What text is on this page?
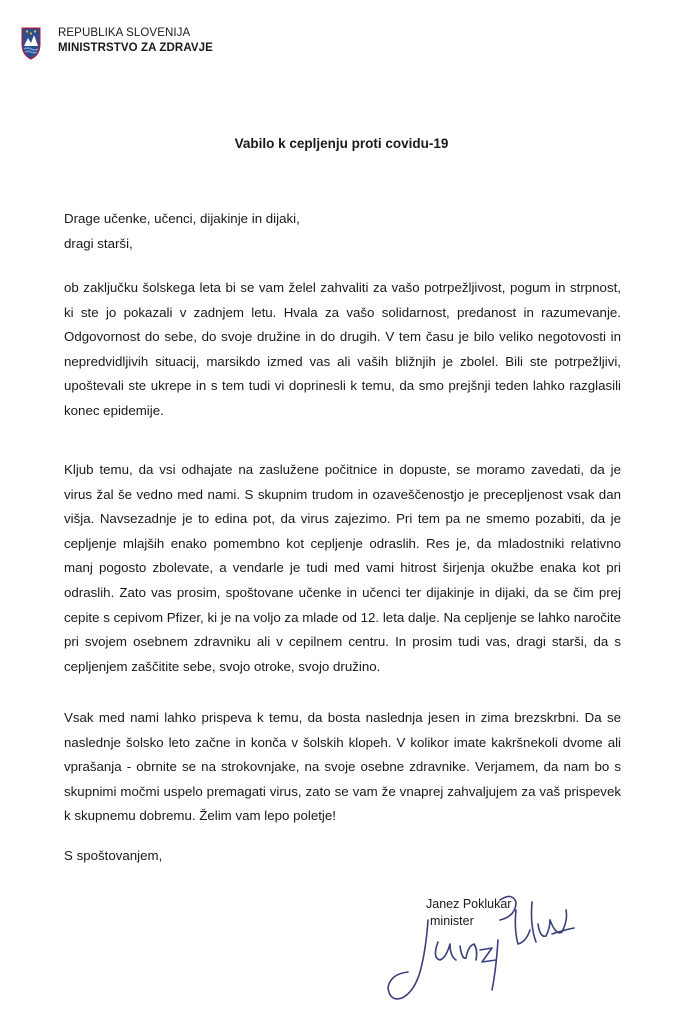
REPUBLIKA SLOVENIJA
MINISTRSTVO ZA ZDRAVJE
Vabilo k cepljenju proti covidu-19
Drage učenke, učenci, dijakinje in dijaki,
dragi starši,

ob zaključku šolskega leta bi se vam želel zahvaliti za vašo potrpežljivost, pogum in strpnost, ki ste jo pokazali v zadnjem letu. Hvala za vašo solidarnost, predanost in razumevanje. Odgovornost do sebe, do svoje družine in do drugih. V tem času je bilo veliko negotovosti in nepredvidljivih situacij, marsikdo izmed vas ali vaših bližnjih je zbolel. Bili ste potrpežljivi, upoštevali ste ukrepe in s tem tudi vi doprinesli k temu, da smo prejšnji teden lahko razglasili konec epidemije.

Kljub temu, da vsi odhajate na zaslužene počitnice in dopuste, se moramo zavedati, da je virus žal še vedno med nami. S skupnim trudom in ozaveščenostjo je precepljenost vsak dan višja. Navsezadnje je to edina pot, da virus zajezimo. Pri tem pa ne smemo pozabiti, da je cepljenje mlajših enako pomembno kot cepljenje odraslih. Res je, da mladostniki relativno manj pogosto zbolevate, a vendarle je tudi med vami hitrost širjenja okužbe enaka kot pri odraslih. Zato vas prosim, spoštovane učenke in učenci ter dijakinje in dijaki, da se čim prej cepite s cepivom Pfizer, ki je na voljo za mlade od 12. leta dalje. Na cepljenje se lahko naročite pri svojem osebnem zdravniku ali v cepilnem centru. In prosim tudi vas, dragi starši, da s cepljenjem zaščitite sebe, svojo otroke, svojo družino.

Vsak med nami lahko prispeva k temu, da bosta naslednja jesen in zima brezskrbni. Da se naslednje šolsko leto začne in konča v šolskih klopeh. V kolikor imate kakršnekoli dvome ali vprašanja - obrnite se na strokovnjake, na svoje osebne zdravnike. Verjamem, da nam bo s skupnimi močmi uspelo premagati virus, zato se vam že vnaprej zahvaljujem za vaš prispevek k skupnemu dobremu. Želim vam lepo poletje!

S spoštovanjem,
Janez Poklukar
minister
